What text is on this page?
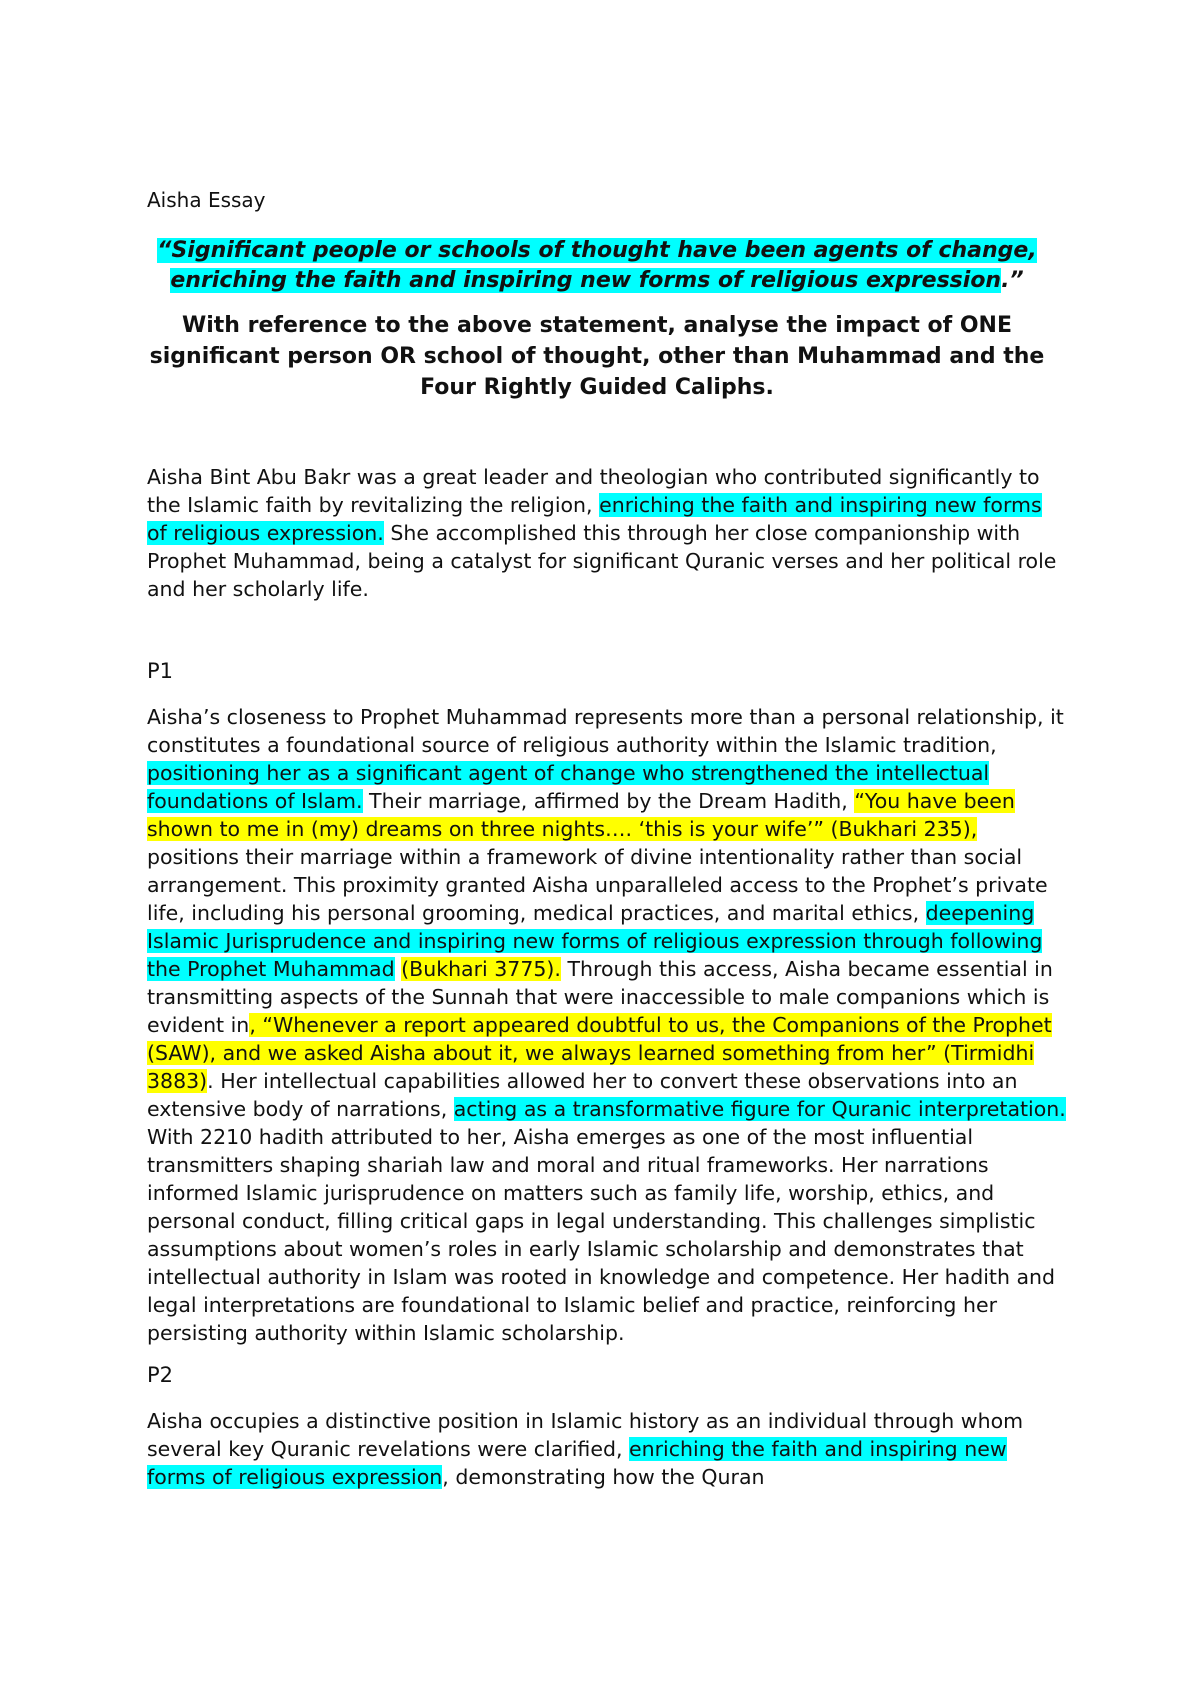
Aisha Essay

“Significant people or schools of thought have been agents of change, enriching the faith and inspiring new forms of religious expression.”

With reference to the above statement, analyse the impact of ONE significant person OR school of thought, other than Muhammad and the Four Rightly Guided Caliphs.

Aisha Bint Abu Bakr was a great leader and theologian who contributed significantly to the Islamic faith by revitalizing the religion, enriching the faith and inspiring new forms of religious expression. She accomplished this through her close companionship with Prophet Muhammad, being a catalyst for significant Quranic verses and her political role and her scholarly life.

P1

Aisha’s closeness to Prophet Muhammad represents more than a personal relationship, it constitutes a foundational source of religious authority within the Islamic tradition, positioning her as a significant agent of change who strengthened the intellectual foundations of Islam. Their marriage, affirmed by the Dream Hadith, “You have been shown to me in (my) dreams on three nights…. ‘this is your wife’” (Bukhari 235), positions their marriage within a framework of divine intentionality rather than social arrangement. This proximity granted Aisha unparalleled access to the Prophet’s private life, including his personal grooming, medical practices, and marital ethics, deepening Islamic Jurisprudence and inspiring new forms of religious expression through following the Prophet Muhammad (Bukhari 3775). Through this access, Aisha became essential in transmitting aspects of the Sunnah that were inaccessible to male companions which is evident in, “Whenever a report appeared doubtful to us, the Companions of the Prophet (SAW), and we asked Aisha about it, we always learned something from her” (Tirmidhi 3883). Her intellectual capabilities allowed her to convert these observations into an extensive body of narrations, acting as a transformative figure for Quranic interpretation. With 2210 hadith attributed to her, Aisha emerges as one of the most influential transmitters shaping shariah law and moral and ritual frameworks. Her narrations informed Islamic jurisprudence on matters such as family life, worship, ethics, and personal conduct, filling critical gaps in legal understanding. This challenges simplistic assumptions about women’s roles in early Islamic scholarship and demonstrates that intellectual authority in Islam was rooted in knowledge and competence. Her hadith and legal interpretations are foundational to Islamic belief and practice, reinforcing her persisting authority within Islamic scholarship.

P2

Aisha occupies a distinctive position in Islamic history as an individual through whom several key Quranic revelations were clarified, enriching the faith and inspiring new forms of religious expression, demonstrating how the Quran
